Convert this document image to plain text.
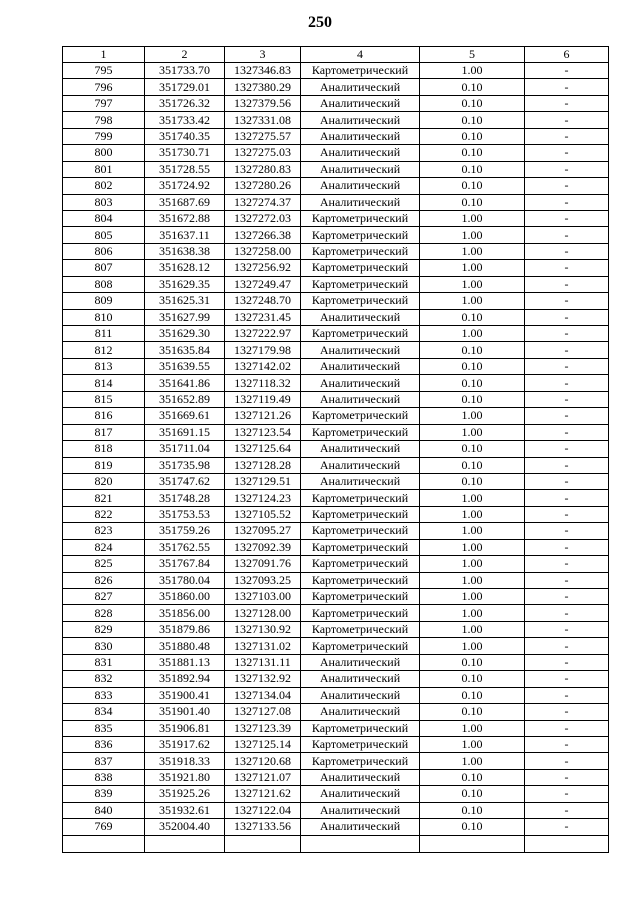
250
1	2	3	4	5	6
795	351733.70	1327346.83	Картометрический	1.00	-
796	351729.01	1327380.29	Аналитический	0.10	-
797	351726.32	1327379.56	Аналитический	0.10	-
798	351733.42	1327331.08	Аналитический	0.10	-
799	351740.35	1327275.57	Аналитический	0.10	-
800	351730.71	1327275.03	Аналитический	0.10	-
801	351728.55	1327280.83	Аналитический	0.10	-
802	351724.92	1327280.26	Аналитический	0.10	-
803	351687.69	1327274.37	Аналитический	0.10	-
804	351672.88	1327272.03	Картометрический	1.00	-
805	351637.11	1327266.38	Картометрический	1.00	-
806	351638.38	1327258.00	Картометрический	1.00	-
807	351628.12	1327256.92	Картометрический	1.00	-
808	351629.35	1327249.47	Картометрический	1.00	-
809	351625.31	1327248.70	Картометрический	1.00	-
810	351627.99	1327231.45	Аналитический	0.10	-
811	351629.30	1327222.97	Картометрический	1.00	-
812	351635.84	1327179.98	Аналитический	0.10	-
813	351639.55	1327142.02	Аналитический	0.10	-
814	351641.86	1327118.32	Аналитический	0.10	-
815	351652.89	1327119.49	Аналитический	0.10	-
816	351669.61	1327121.26	Картометрический	1.00	-
817	351691.15	1327123.54	Картометрический	1.00	-
818	351711.04	1327125.64	Аналитический	0.10	-
819	351735.98	1327128.28	Аналитический	0.10	-
820	351747.62	1327129.51	Аналитический	0.10	-
821	351748.28	1327124.23	Картометрический	1.00	-
822	351753.53	1327105.52	Картометрический	1.00	-
823	351759.26	1327095.27	Картометрический	1.00	-
824	351762.55	1327092.39	Картометрический	1.00	-
825	351767.84	1327091.76	Картометрический	1.00	-
826	351780.04	1327093.25	Картометрический	1.00	-
827	351860.00	1327103.00	Картометрический	1.00	-
828	351856.00	1327128.00	Картометрический	1.00	-
829	351879.86	1327130.92	Картометрический	1.00	-
830	351880.48	1327131.02	Картометрический	1.00	-
831	351881.13	1327131.11	Аналитический	0.10	-
832	351892.94	1327132.92	Аналитический	0.10	-
833	351900.41	1327134.04	Аналитический	0.10	-
834	351901.40	1327127.08	Аналитический	0.10	-
835	351906.81	1327123.39	Картометрический	1.00	-
836	351917.62	1327125.14	Картометрический	1.00	-
837	351918.33	1327120.68	Картометрический	1.00	-
838	351921.80	1327121.07	Аналитический	0.10	-
839	351925.26	1327121.62	Аналитический	0.10	-
840	351932.61	1327122.04	Аналитический	0.10	-
769	352004.40	1327133.56	Аналитический	0.10	-
